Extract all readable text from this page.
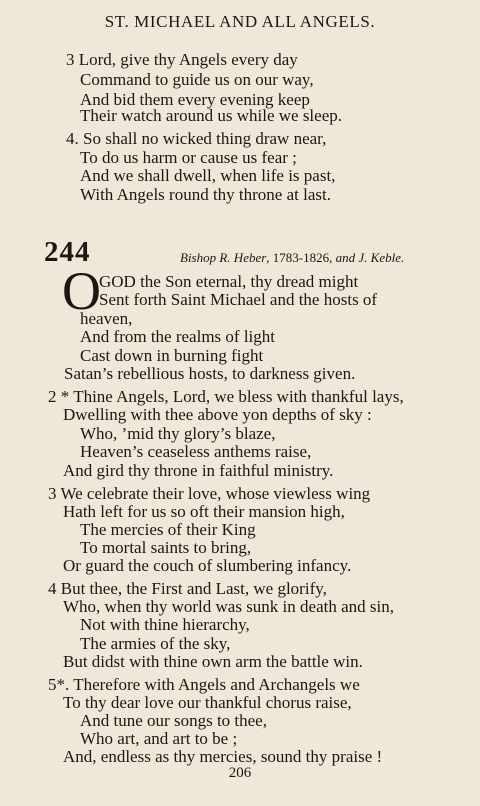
ST. MICHAEL AND ALL ANGELS.
3 Lord, give thy Angels every day
Command to guide us on our way,
And bid them every evening keep
Their watch around us while we sleep.
4. So shall no wicked thing draw near,
To do us harm or cause us fear ;
And we shall dwell, when life is past,
With Angels round thy throne at last.
244	Bishop R. Heber, 1783-1826, and J. Keble.
O
GOD the Son eternal, thy dread might
Sent forth Saint Michael and the hosts of
heaven,
And from the realms of light
Cast down in burning fight
Satan’s rebellious hosts, to darkness given.
2 * Thine Angels, Lord, we bless with thankful lays,
Dwelling with thee above yon depths of sky :
Who, ’mid thy glory’s blaze,
Heaven’s ceaseless anthems raise,
And gird thy throne in faithful ministry.
3 We celebrate their love, whose viewless wing
Hath left for us so oft their mansion high,
The mercies of their King
To mortal saints to bring,
Or guard the couch of slumbering infancy.
4 But thee, the First and Last, we glorify,
Who, when thy world was sunk in death and sin,
Not with thine hierarchy,
The armies of the sky,
But didst with thine own arm the battle win.
5*. Therefore with Angels and Archangels we
To thy dear love our thankful chorus raise,
And tune our songs to thee,
Who art, and art to be ;
And, endless as thy mercies, sound thy praise !
206
